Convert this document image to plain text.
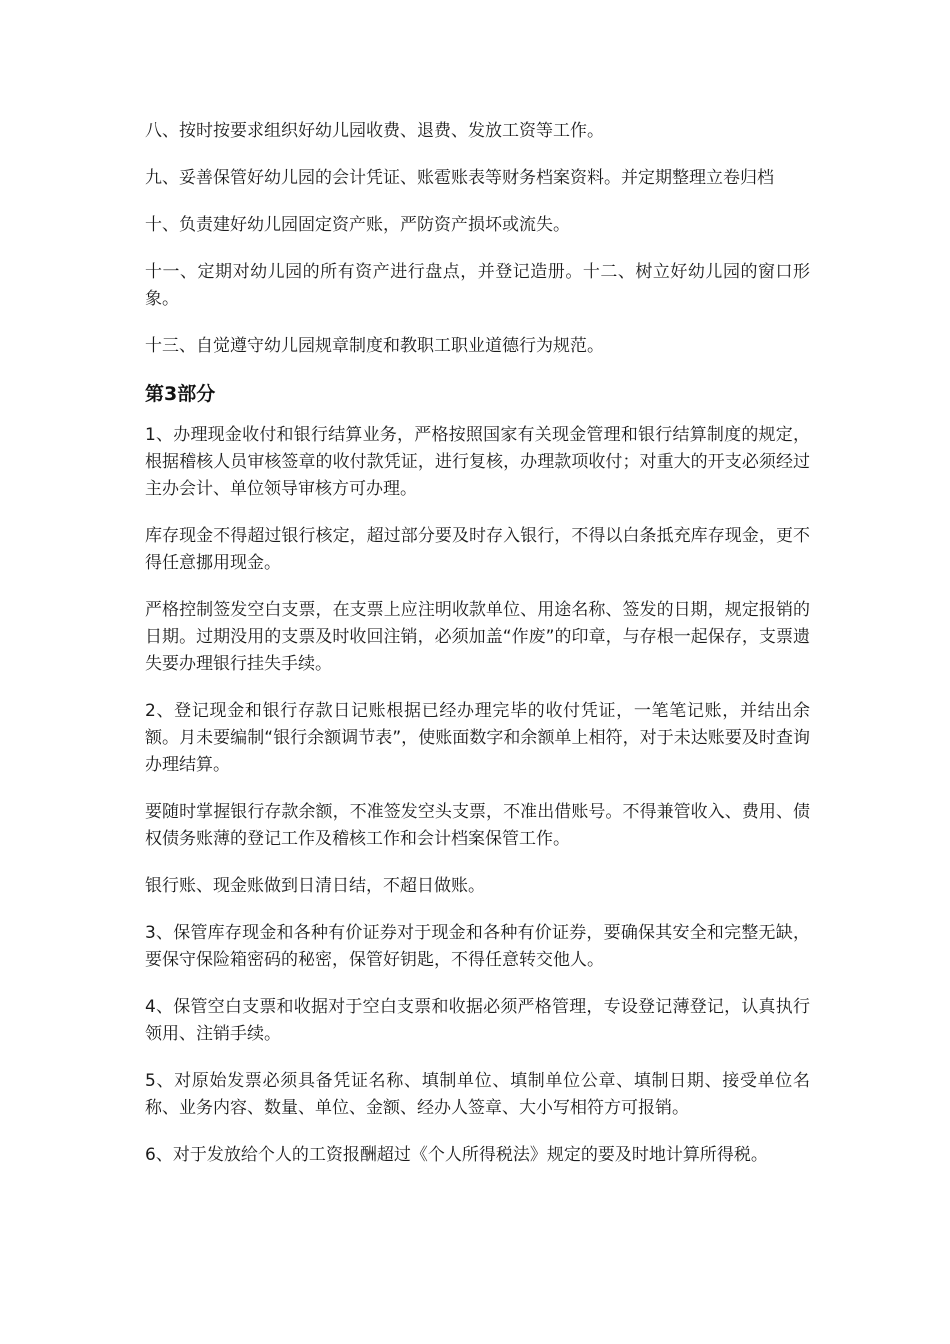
八、按时按要求组织好幼儿园收费、退费、发放工资等工作。

九、妥善保管好幼儿园的会计凭证、账雹账表等财务档案资料。并定期整理立卷归档

十、负责建好幼儿园固定资产账，严防资产损坏或流失。

十一、定期对幼儿园的所有资产进行盘点，并登记造册。十二、树立好幼儿园的窗口形象。

十三、自觉遵守幼儿园规章制度和教职工职业道德行为规范。

第3部分

1、办理现金收付和银行结算业务，严格按照国家有关现金管理和银行结算制度的规定，根据稽核人员审核签章的收付款凭证，进行复核，办理款项收付；对重大的开支必须经过主办会计、单位领导审核方可办理。

库存现金不得超过银行核定，超过部分要及时存入银行，不得以白条抵充库存现金，更不得任意挪用现金。

严格控制签发空白支票，在支票上应注明收款单位、用途名称、签发的日期，规定报销的日期。过期没用的支票及时收回注销，必须加盖“作废”的印章，与存根一起保存，支票遗失要办理银行挂失手续。

2、登记现金和银行存款日记账根据已经办理完毕的收付凭证，一笔笔记账，并结出余额。月未要编制“银行余额调节表”，使账面数字和余额单上相符，对于未达账要及时查询办理结算。

要随时掌握银行存款余额，不准签发空头支票，不准出借账号。不得兼管收入、费用、债权债务账薄的登记工作及稽核工作和会计档案保管工作。

银行账、现金账做到日清日结，不超日做账。

3、保管库存现金和各种有价证券对于现金和各种有价证券，要确保其安全和完整无缺，要保守保险箱密码的秘密，保管好钥匙，不得任意转交他人。

4、保管空白支票和收据对于空白支票和收据必须严格管理，专设登记薄登记，认真执行领用、注销手续。

5、对原始发票必须具备凭证名称、填制单位、填制单位公章、填制日期、接受单位名称、业务内容、数量、单位、金额、经办人签章、大小写相符方可报销。

6、对于发放给个人的工资报酬超过《个人所得税法》规定的要及时地计算所得税。
